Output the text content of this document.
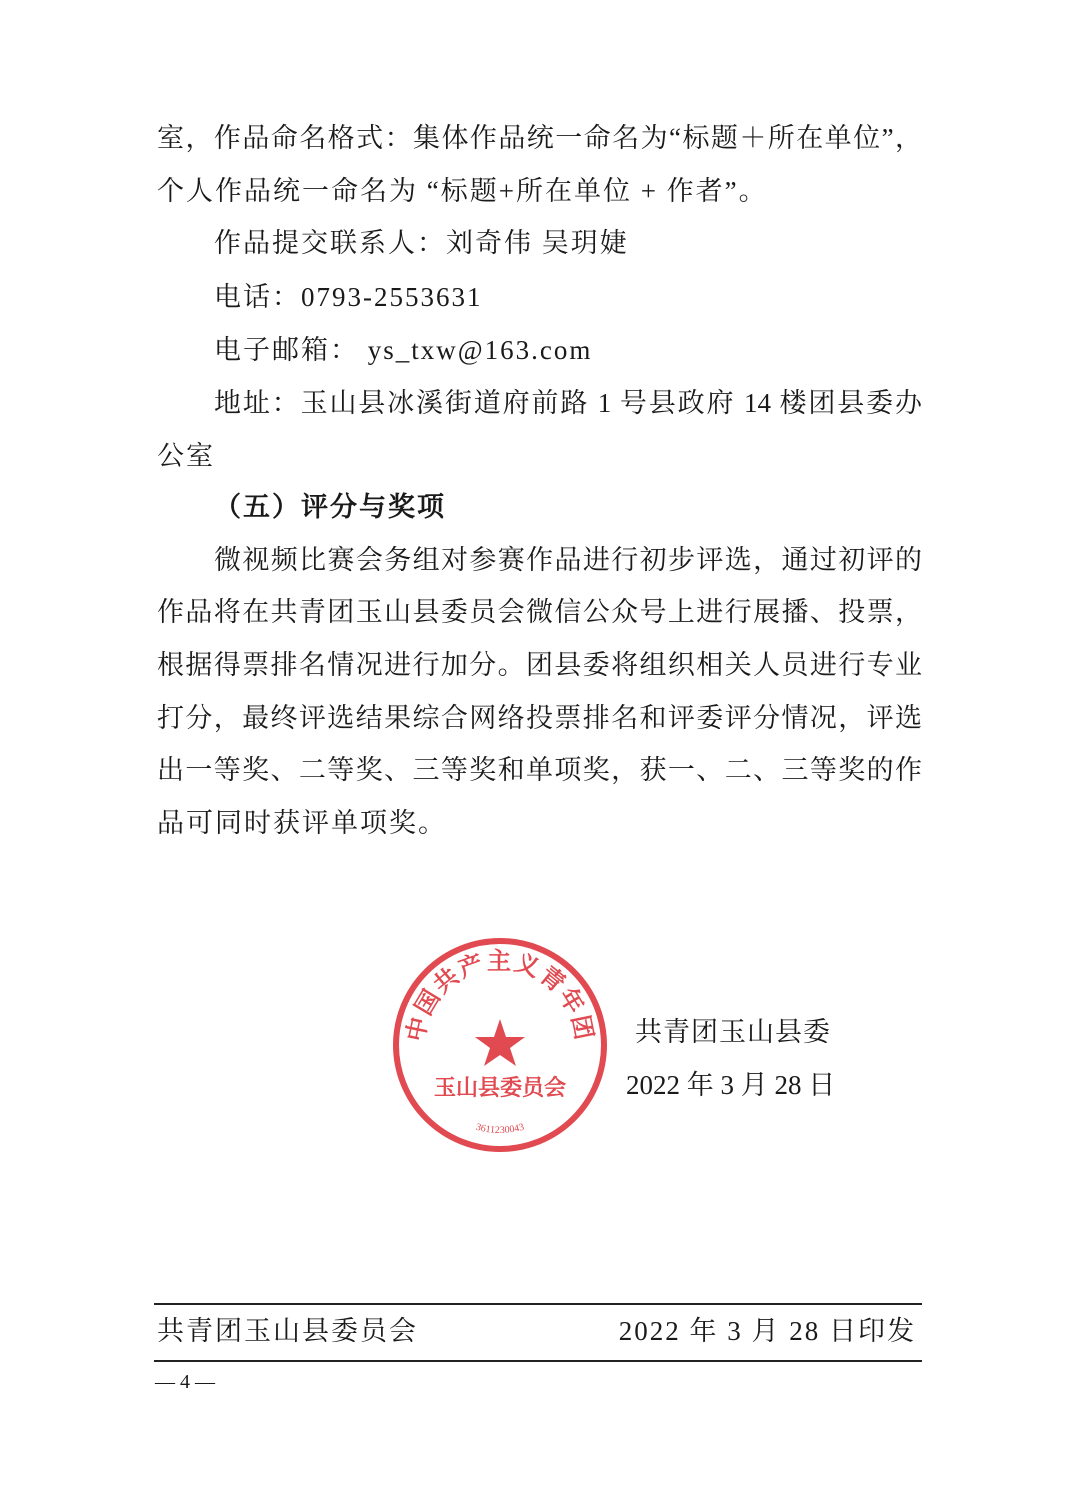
室，作品命名格式：集体作品统一命名为“标题＋所在单位”，
个人作品统一命名为 “标题+所在单位 + 作者”。
作品提交联系人：刘奇伟 吴玥婕
电话：0793-2553631
电子邮箱： ys_txw@163.com
地址：玉山县冰溪街道府前路 1 号县政府 14 楼团县委办
公室
（五）评分与奖项
微视频比赛会务组对参赛作品进行初步评选，通过初评的
作品将在共青团玉山县委员会微信公众号上进行展播、投票，
根据得票排名情况进行加分。团县委将组织相关人员进行专业
打分，最终评选结果综合网络投票排名和评委评分情况，评选
出一等奖、二等奖、三等奖和单项奖，获一、二、三等奖的作
品可同时获评单项奖。
中国共产主义青年团
玉山县委员会
3611230043
共青团玉山县委
2022 年 3 月 28 日
共青团玉山县委员会	2022 年 3 月 28 日印发
— 4 —
